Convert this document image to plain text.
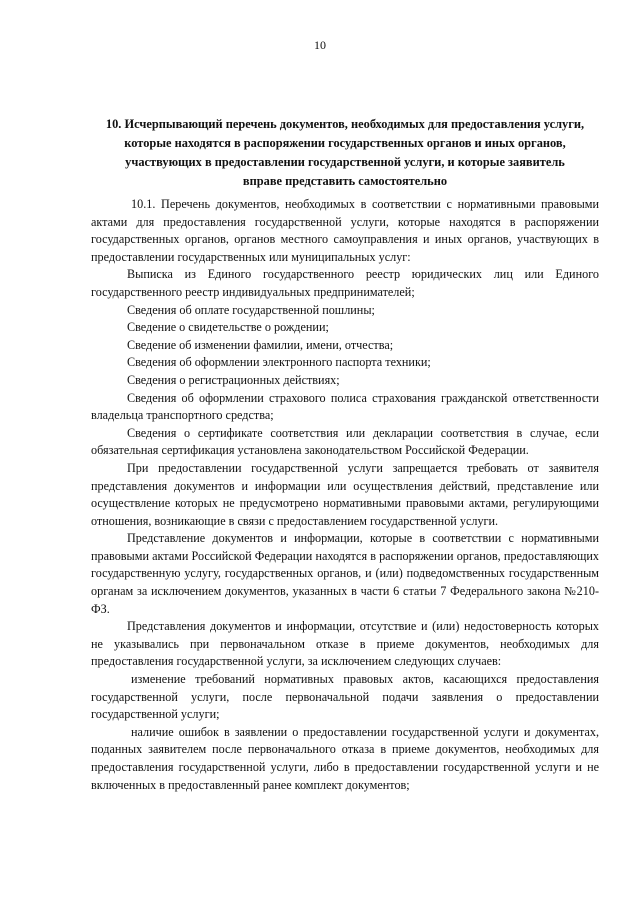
10
10. Исчерпывающий перечень документов, необходимых для предоставления услуги,
которые находятся в распоряжении государственных органов и иных органов,
участвующих в предоставлении государственной услуги, и которые заявитель
вправе представить самостоятельно

10.1. Перечень документов, необходимых в соответствии с нормативными правовыми актами для предоставления государственной услуги, которые находятся в распоряжении государственных органов, органов местного самоуправления и иных органов, участвующих в предоставлении государственных или муниципальных услуг:

Выписка из Единого государственного реестр юридических лиц или Единого государственного реестр индивидуальных предпринимателей;

Сведения об оплате государственной пошлины;

Сведение о свидетельстве о рождении;

Сведение об изменении фамилии, имени, отчества;

Сведения об оформлении электронного паспорта техники;

Сведения о регистрационных действиях;

Сведения об оформлении страхового полиса страхования гражданской ответственности владельца транспортного средства;

Сведения о сертификате соответствия или декларации соответствия в случае, если обязательная сертификация установлена законодательством Российской Федерации.

При предоставлении государственной услуги запрещается требовать от заявителя представления документов и информации или осуществления действий, представление или осуществление которых не предусмотрено нормативными правовыми актами, регулирующими отношения, возникающие в связи с предоставлением государственной услуги.

Представление документов и информации, которые в соответствии с нормативными правовыми актами Российской Федерации находятся в распоряжении органов, предоставляющих государственную услугу, государственных органов, и (или) подведомственных государственным органам за исключением документов, указанных в части 6 статьи 7 Федерального закона №210-ФЗ.

Представления документов и информации, отсутствие и (или) недостоверность которых не указывались при первоначальном отказе в приеме документов, необходимых для предоставления государственной услуги, за исключением следующих случаев:

изменение требований нормативных правовых актов, касающихся предоставления государственной услуги, после первоначальной подачи заявления о предоставлении государственной услуги;

наличие ошибок в заявлении о предоставлении государственной услуги и документах, поданных заявителем после первоначального отказа в приеме документов, необходимых для предоставления государственной услуги, либо в предоставлении государственной услуги и не включенных в предоставленный ранее комплект документов;
